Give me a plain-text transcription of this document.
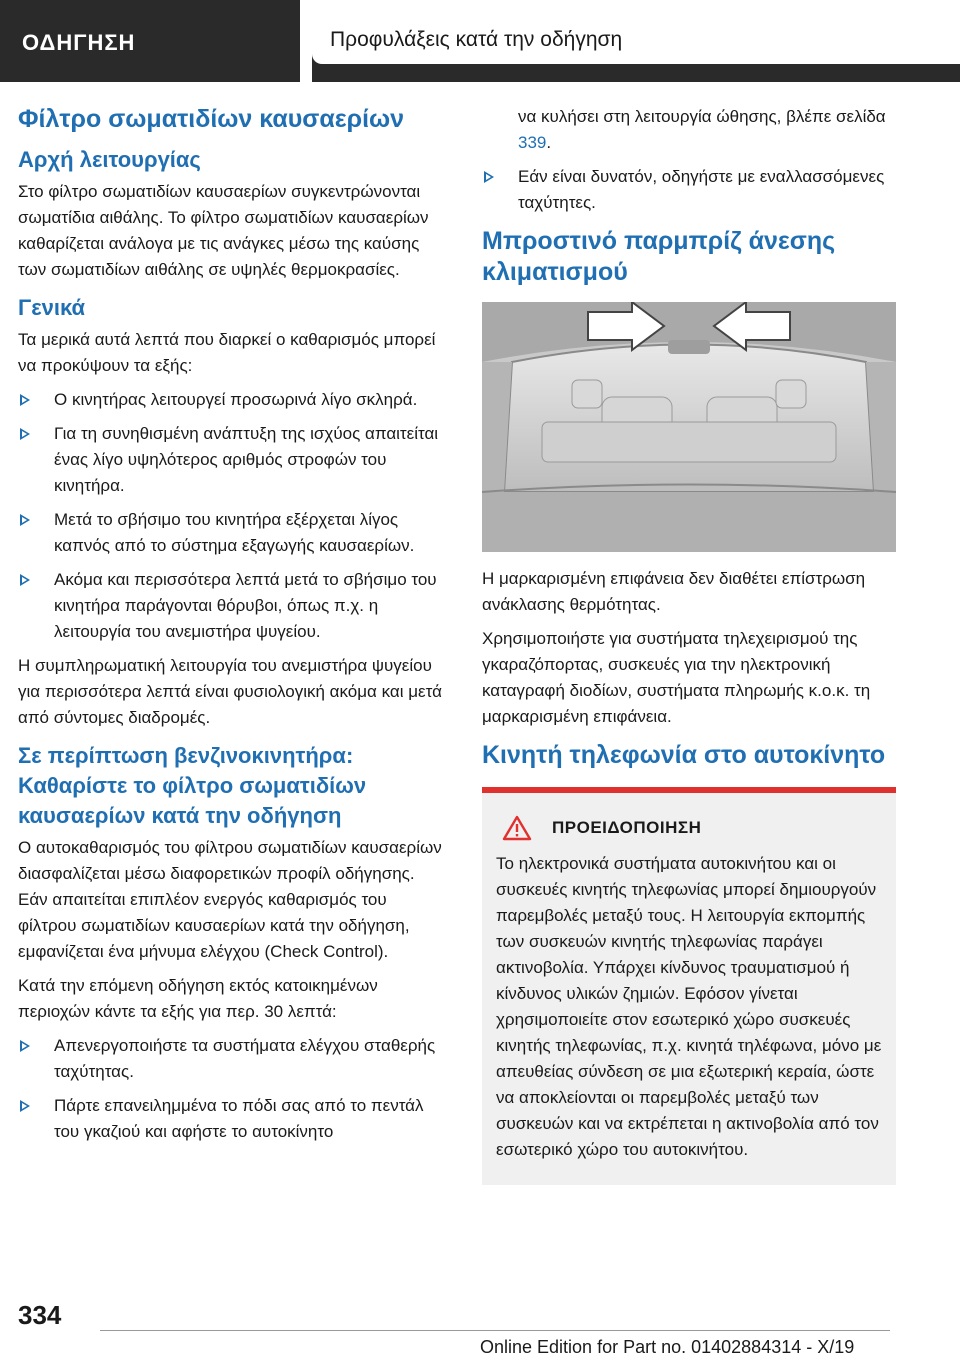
ΟΔΗΓΗΣΗ	Προφυλάξεις κατά την οδήγηση
Φίλτρο σωματιδίων καυσαερίων
Αρχή λειτουργίας

Στο φίλτρο σωματιδίων καυσαερίων συγκεντρώνονται σωματίδια αιθάλης. Το φίλτρο σωματιδίων καυσαερίων καθαρίζεται ανάλογα με τις ανάγκες μέσω της καύσης των σωματιδίων αιθάλης σε υψηλές θερμοκρασίες.

Γενικά

Τα μερικά αυτά λεπτά που διαρκεί ο καθαρισμός μπορεί να προκύψουν τα εξής:

Ο κινητήρας λειτουργεί προσωρινά λίγο σκληρά.
Για τη συνηθισμένη ανάπτυξη της ισχύος απαιτείται ένας λίγο υψηλότερος αριθμός στροφών του κινητήρα.
Μετά το σβήσιμο του κινητήρα εξέρχεται λίγος καπνός από το σύστημα εξαγωγής καυσαερίων.
Ακόμα και περισσότερα λεπτά μετά το σβήσιμο του κινητήρα παράγονται θόρυβοι, όπως π.χ. η λειτουργία του ανεμιστήρα ψυγείου.

Η συμπληρωματική λειτουργία του ανεμιστήρα ψυγείου για περισσότερα λεπτά είναι φυσιολογική ακόμα και μετά από σύντομες διαδρομές.

Σε περίπτωση βενζινοκινητήρα: Καθαρίστε το φίλτρο σωματιδίων καυσαερίων κατά την οδήγηση

Ο αυτοκαθαρισμός του φίλτρου σωματιδίων καυσαερίων διασφαλίζεται μέσω διαφορετικών προφίλ οδήγησης. Εάν απαιτείται επιπλέον ενεργός καθαρισμός του φίλτρου σωματιδίων καυσαερίων κατά την οδήγηση, εμφανίζεται ένα μήνυμα ελέγχου (Check Control).

Κατά την επόμενη οδήγηση εκτός κατοικημένων περιοχών κάντε τα εξής για περ. 30 λεπτά:

Απενεργοποιήστε τα συστήματα ελέγχου σταθερής ταχύτητας.
Πάρτε επανειλημμένα το πόδι σας από το πεντάλ του γκαζιού και αφήστε το αυτοκίνητο

να κυλήσει στη λειτουργία ώθησης, βλέπε σελίδα 339.

Εάν είναι δυνατόν, οδηγήστε με εναλλασσόμενες ταχύτητες.
Μπροστινό παρμπρίζ άνεσης κλιματισμού

Η μαρκαρισμένη επιφάνεια δεν διαθέτει επίστρωση ανάκλασης θερμότητας.

Χρησιμοποιήστε για συστήματα τηλεχειρισμού της γκαραζόπορτας, συσκευές για την ηλεκτρονική καταγραφή διοδίων, συστήματα πληρωμής κ.ο.κ. τη μαρκαρισμένη επιφάνεια.

Κινητή τηλεφωνία στο αυτοκίνητο
ΠΡΟΕΙΔΟΠΟΙΗΣΗ

Το ηλεκτρονικά συστήματα αυτοκινήτου και οι συσκευές κινητής τηλεφωνίας μπορεί δημιουργούν παρεμβολές μεταξύ τους. Η λειτουργία εκπομπής των συσκευών κινητής τηλεφωνίας παράγει ακτινοβολία. Υπάρχει κίνδυνος τραυματισμού ή κίνδυνος υλικών ζημιών. Εφόσον γίνεται χρησιμοποιείτε στον εσωτερικό χώρο συσκευές κινητής τηλεφωνίας, π.χ. κινητά τηλέφωνα, μόνο με απευθείας σύνδεση σε μια εξωτερική κεραία, ώστε να αποκλείονται οι παρεμβολές μεταξύ των συσκευών και να εκτρέπεται η ακτινοβολία από τον εσωτερικό χώρο του αυτοκινήτου.

334
Online Edition for Part no. 01402884314 - X/19
